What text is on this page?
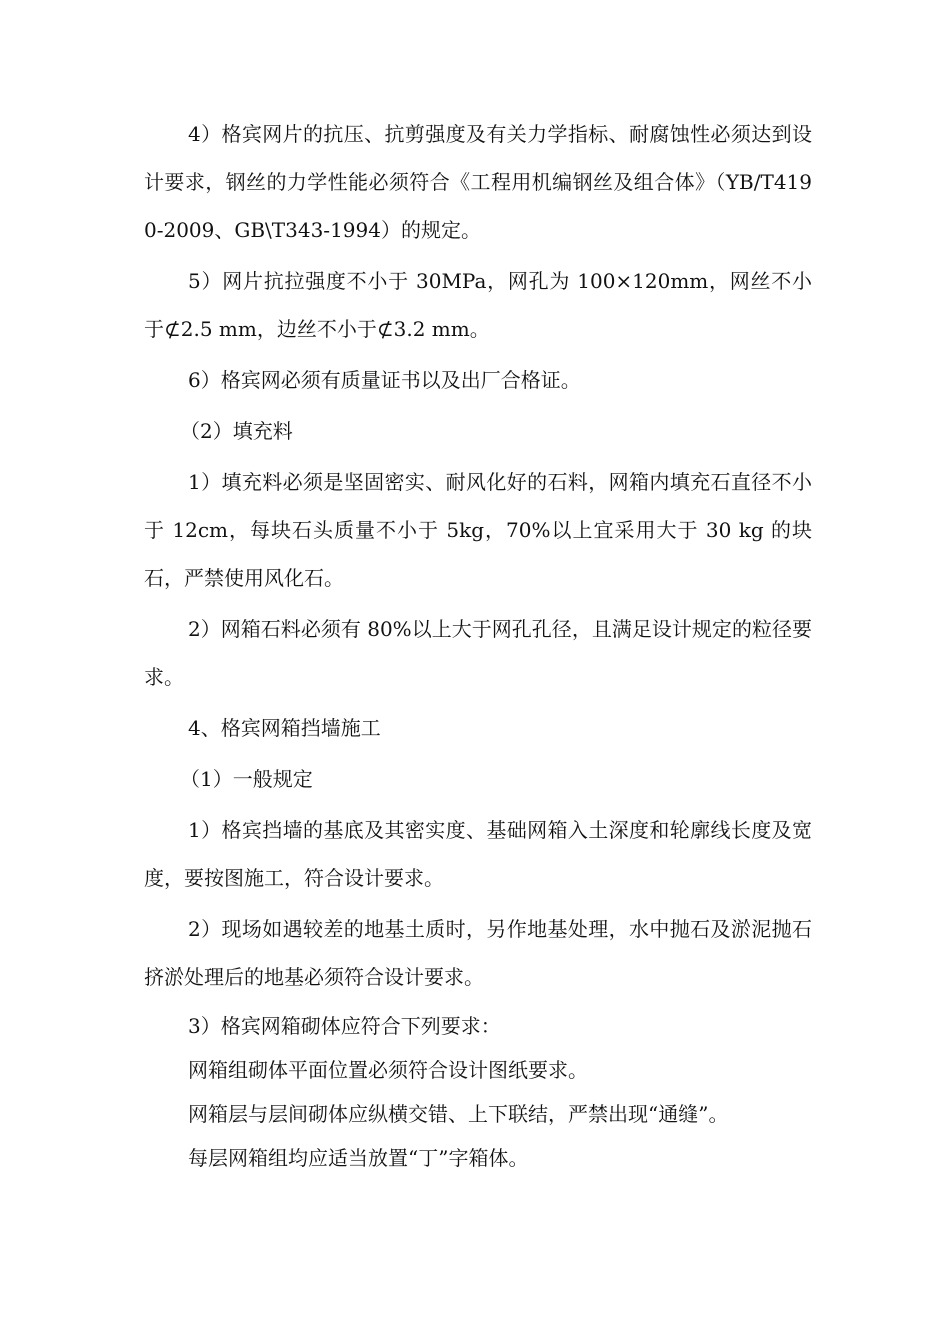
4）格宾网片的抗压、抗剪强度及有关力学指标、耐腐蚀性必须达到设计要求，钢丝的力学性能必须符合《工程用机编钢丝及组合体》（YB/T4190-2009、GB\T343-1994）的规定。

5）网片抗拉强度不小于 30MPa，网孔为 100×120mm，网丝不小于⊄2.5 mm，边丝不小于⊄3.2 mm。

6）格宾网必须有质量证书以及出厂合格证。

（2）填充料

1）填充料必须是坚固密实、耐风化好的石料，网箱内填充石直径不小于 12cm，每块石头质量不小于 5kg，70%以上宜采用大于 30 kg 的块石，严禁使用风化石。

2）网箱石料必须有 80%以上大于网孔孔径，且满足设计规定的粒径要求。

4、格宾网箱挡墙施工

（1）一般规定

1）格宾挡墙的基底及其密实度、基础网箱入土深度和轮廓线长度及宽度，要按图施工，符合设计要求。

2）现场如遇较差的地基土质时，另作地基处理，水中抛石及淤泥抛石挤淤处理后的地基必须符合设计要求。

3）格宾网箱砌体应符合下列要求：

网箱组砌体平面位置必须符合设计图纸要求。

网箱层与层间砌体应纵横交错、上下联结，严禁出现“通缝”。

每层网箱组均应适当放置“丁”字箱体。
